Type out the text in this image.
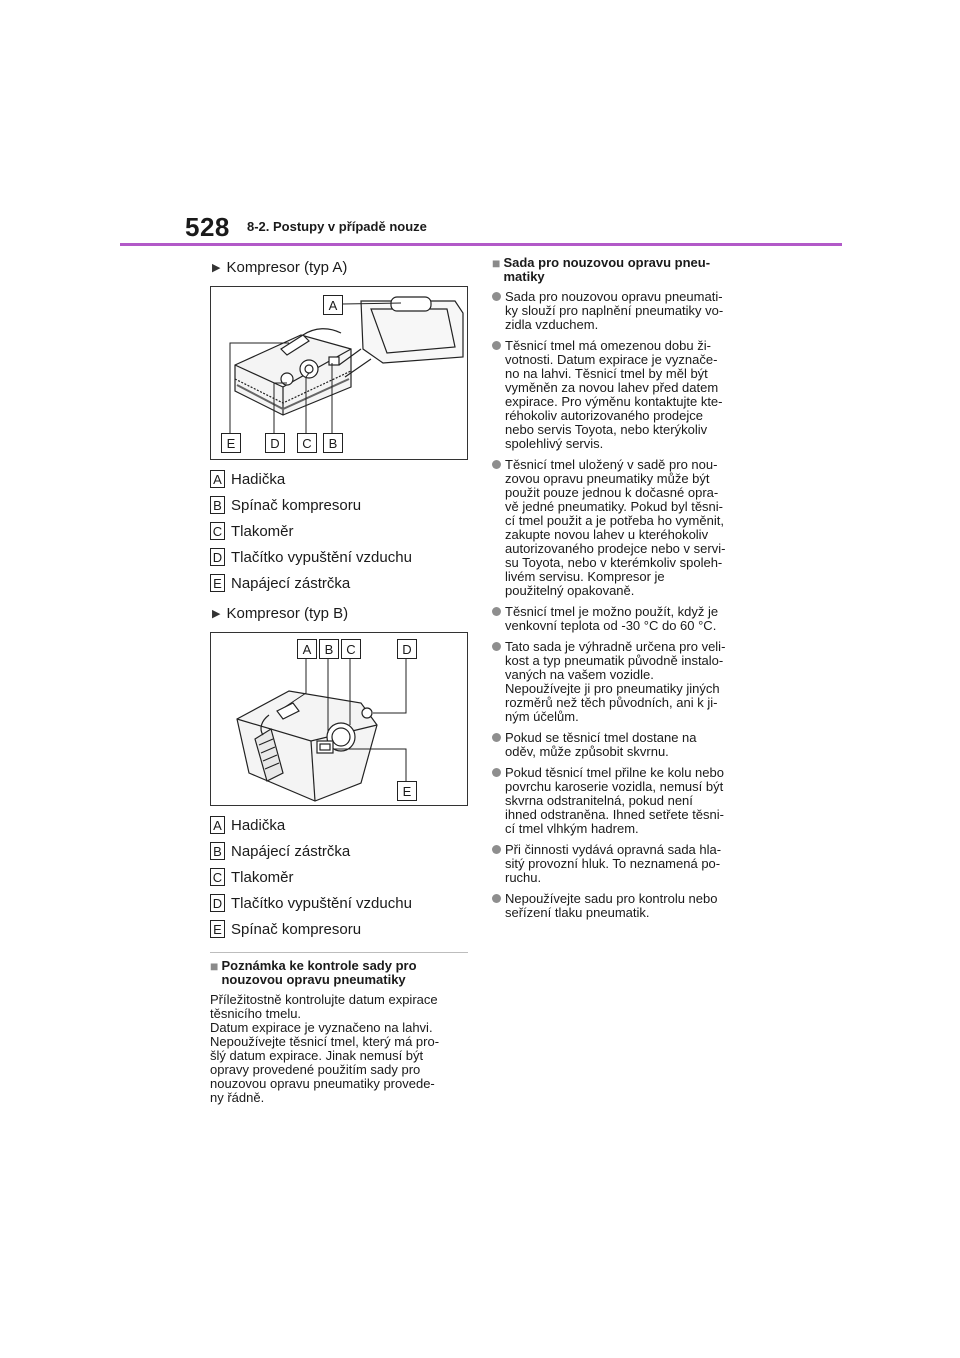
528 8-2. Postupy v případě nouze
▶ Kompresor (typ A)
A
E	D	C	B
A Hadička
B Spínač kompresoru
C Tlakoměr
D Tlačítko vypuštění vzduchu
E Napájecí zástrčka
▶ Kompresor (typ B)
A	B C	D
E
A Hadička
B Napájecí zástrčka
C Tlakoměr
D Tlačítko vypuštění vzduchu
E Spínač kompresoru
■ Poznámka ke kontrole sady pro
nouzovou opravu pneumatiky
Příležitostně kontrolujte datum expirace
těsnicího tmelu.
Datum expirace je vyznačeno na lahvi.
Nepoužívejte těsnicí tmel, který má pro-
šlý datum expirace. Jinak nemusí být
opravy provedené použitím sady pro
nouzovou opravu pneumatiky provede-
ny řádně.
■ Sada pro nouzovou opravu pneu-
matiky
Sada pro nouzovou opravu pneumati-
ky slouží pro naplnění pneumatiky vo-
zidla vzduchem.
Těsnicí tmel má omezenou dobu ži-
votnosti. Datum expirace je vyznače-
no na lahvi. Těsnicí tmel by měl být
vyměněn za novou lahev před datem
expirace. Pro výměnu kontaktujte kte-
réhokoliv autorizovaného prodejce
nebo servis Toyota, nebo kterýkoliv
spolehlivý servis.
Těsnicí tmel uložený v sadě pro nou-
zovou opravu pneumatiky může být
použit pouze jednou k dočasné opra-
vě jedné pneumatiky. Pokud byl těsni-
cí tmel použit a je potřeba ho vyměnit,
zakupte novou lahev u kteréhokoliv
autorizovaného prodejce nebo v servi-
su Toyota, nebo v kterémkoliv spoleh-
livém servisu. Kompresor je
použitelný opakovaně.
Těsnicí tmel je možno použít, když je
venkovní teplota od -30 °C do 60 °C.
Tato sada je výhradně určena pro veli-
kost a typ pneumatik původně instalo-
vaných na vašem vozidle.
Nepoužívejte ji pro pneumatiky jiných
rozměrů než těch původních, ani k ji-
ným účelům.
Pokud se těsnicí tmel dostane na
oděv, může způsobit skvrnu.
Pokud těsnicí tmel přilne ke kolu nebo
povrchu karoserie vozidla, nemusí být
skvrna odstranitelná, pokud není
ihned odstraněna. Ihned setřete těsni-
cí tmel vlhkým hadrem.
Při činnosti vydává opravná sada hla-
sitý provozní hluk. To neznamená po-
ruchu.
Nepoužívejte sadu pro kontrolu nebo
seřízení tlaku pneumatik.
